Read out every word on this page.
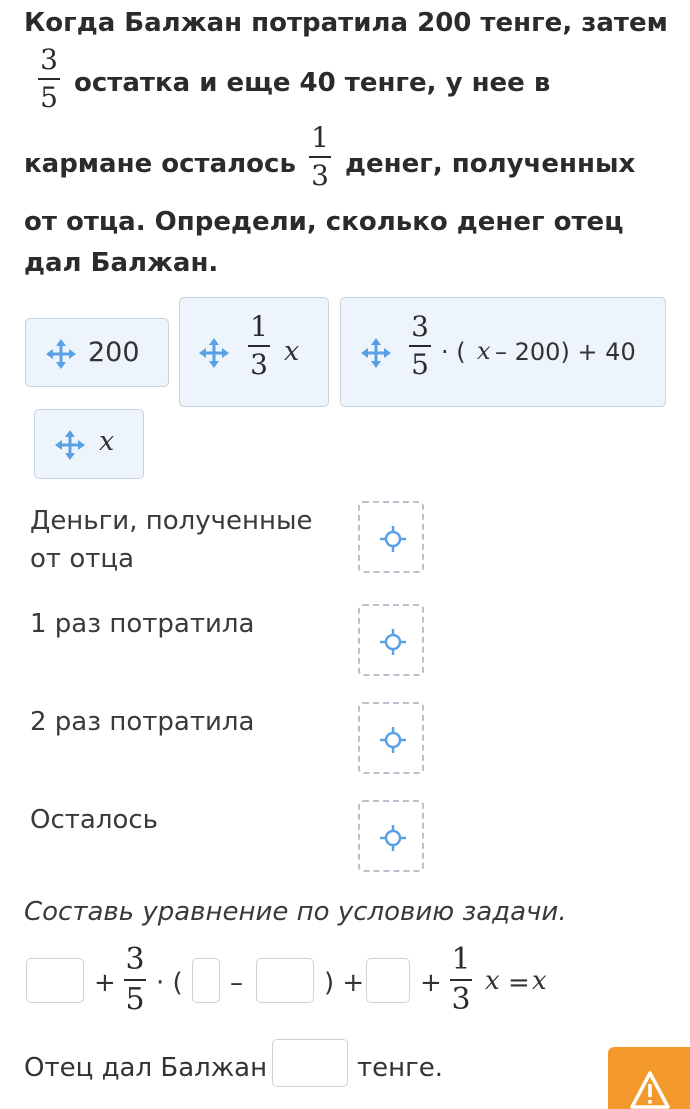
Когда Балжан потратила 200 тенге, затем
3
5 остатка и еще 40 тенге, у нее в
кармане осталось
1
3 денег, полученных
от отца. Определи, сколько денег отец
дал Балжан.
200	$\frac{1}{3}$ x	$\frac{3}{5}$ · ( x – 200) + 40
x
Деньги, полученные от отца
1 раз потратила
2 раз потратила
Осталось
Составь уравнение по условию задачи.
+
3
5 · ( –	) + +
1
3
x = x
Отец дал Балжан	тенге.
